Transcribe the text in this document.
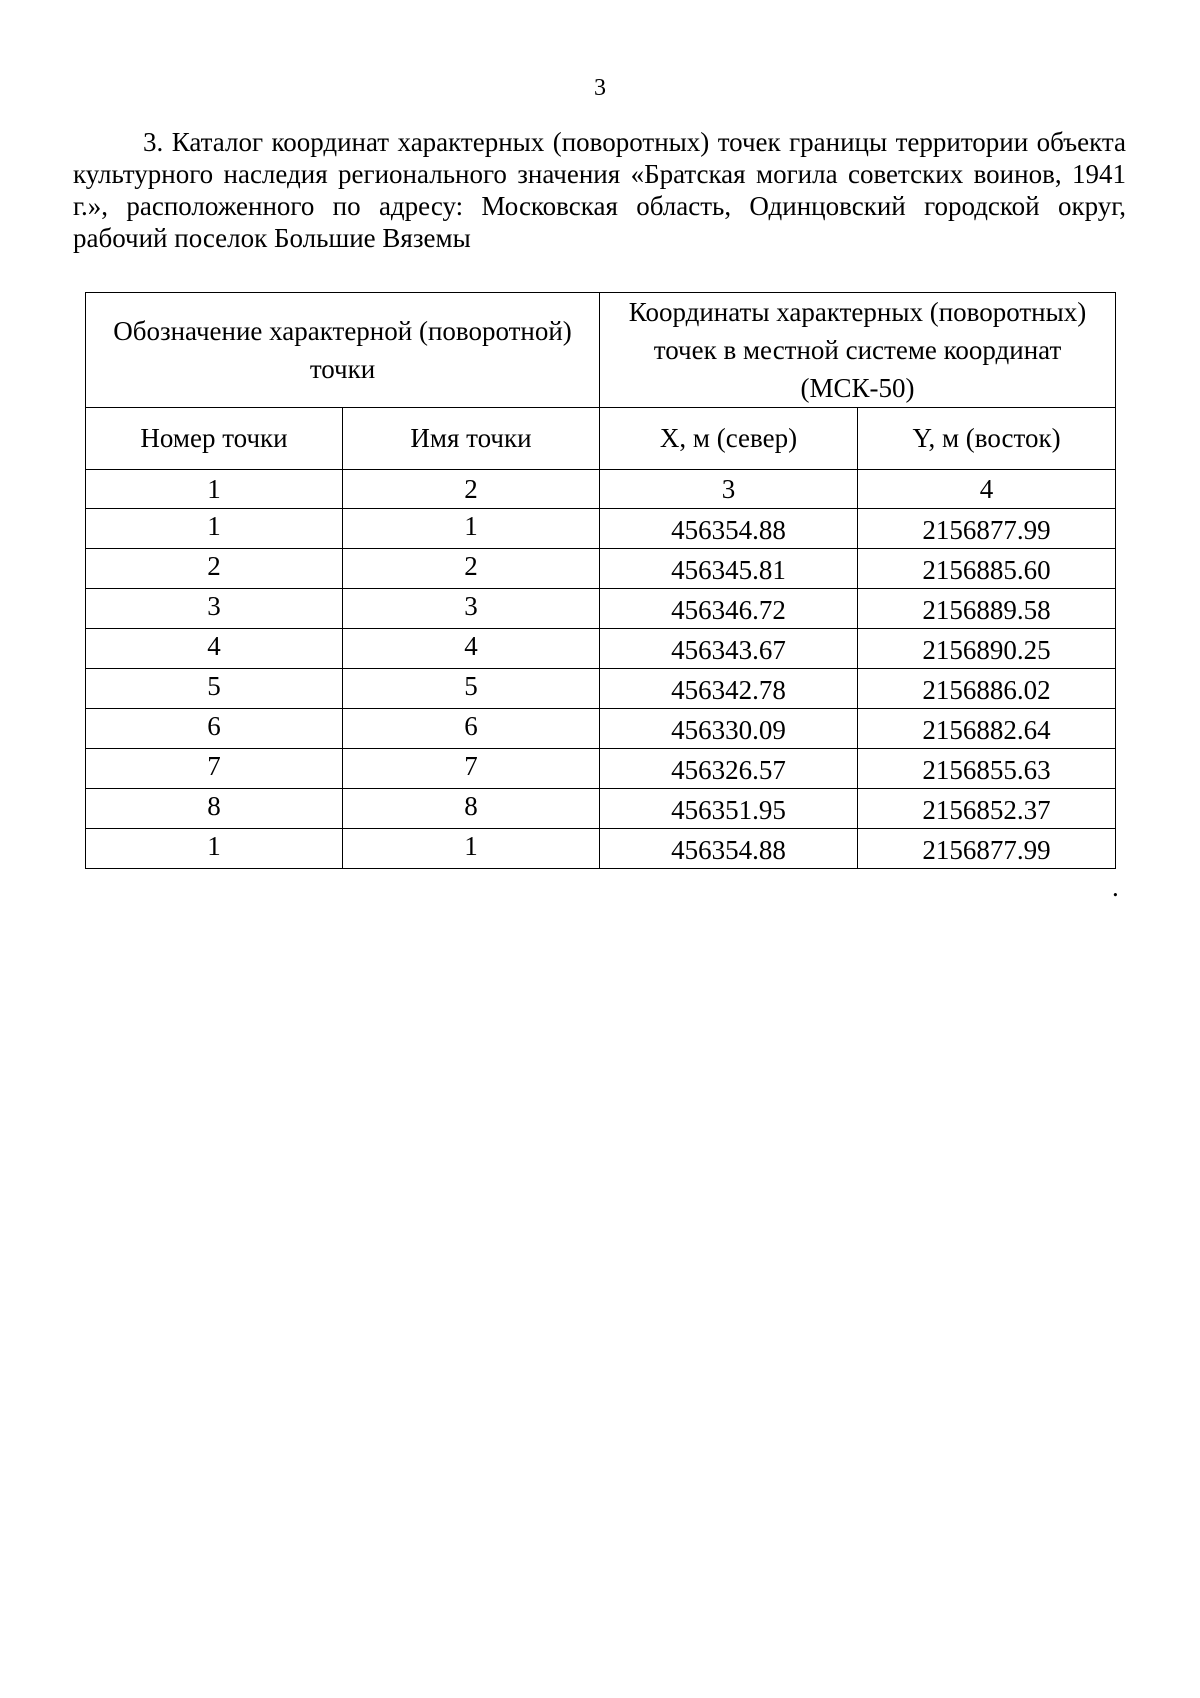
3

3. Каталог координат характерных (поворотных) точек границы территории объекта культурного наследия регионального значения «Братская могила советских воинов, 1941 г.», расположенного по адресу: Московская область, Одинцовский городской округ, рабочий поселок Большие Вяземы

Обозначение характерной (поворотной) точки		Координаты характерных (поворотных) точек в местной системе координат (МСК-50)	
Номер точки	Имя точки	X, м (север)	Y, м (восток)
1	2	3	4
1	1	456354.88	2156877.99
2	2	456345.81	2156885.60
3	3	456346.72	2156889.58
4	4	456343.67	2156890.25
5	5	456342.78	2156886.02
6	6	456330.09	2156882.64
7	7	456326.57	2156855.63
8	8	456351.95	2156852.37
1	1	456354.88	2156877.99
.
